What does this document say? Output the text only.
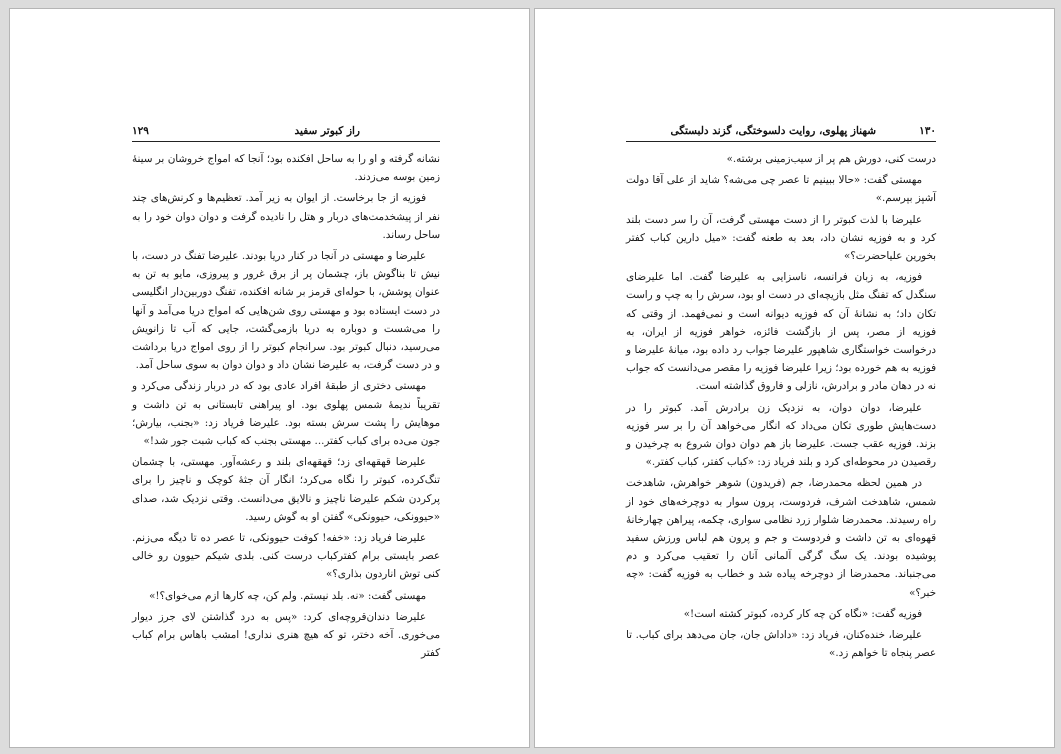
راز کبوتر سفید
۱۲۹

نشانه گرفته و او را به ساحل افکنده بود؛ آنجا که امواج خروشان بر سینهٔ زمین بوسه می‌زدند.

فوزیه از جا برخاست. از ایوان به زیر آمد. تعظیم‌ها و کرنش‌های چند نفر از پیشخدمت‌های دربار و هتل را نادیده گرفت و دوان دوان خود را به ساحل رساند.

علیرضا و مهستی در آنجا در کنار دریا بودند. علیرضا تفنگ در دست، با نیش تا بناگوش باز، چشمان پر از برق غرور و پیروزی، مایو به تن به عنوان پوشش، با حوله‌ای قرمز بر شانه افکنده، تفنگ دوربین‌دار انگلیسی در دست ایستاده بود و مهستی روی شن‌هایی که امواج دریا می‌آمد و آنها را می‌شست و دوباره به دریا بازمی‌گشت، جایی که آب تا زانویش می‌رسید، دنبال کبوتر بود. سرانجام کبوتر را از روی امواج دریا برداشت و در دست گرفت، به علیرضا نشان داد و دوان دوان به سوی ساحل آمد.

مهستی دختری از طبقهٔ افراد عادی بود که در دربار زندگی می‌کرد و تقریباً ندیمهٔ شمس پهلوی بود. او پیراهنی تابستانی به تن داشت و موهایش را پشت سرش بسته بود. علیرضا فریاد زد: «بجنب، بیارش؛ جون می‌ده برای کباب کفتر... مهستی بجنب که کباب شبت جور شد!»

علیرضا قهقهه‌ای زد؛ قهقهه‌ای بلند و رعشه‌آور. مهستی، با چشمان تنگ‌کرده، کبوتر را نگاه می‌کرد؛ انگار آن جثهٔ کوچک و ناچیز را برای پرکردن شکم علیرضا ناچیز و نالایق می‌دانست. وقتی نزدیک شد، صدای «حیوونکی، حیوونکی» گفتن او به گوش رسید.

علیرضا فریاد زد: «خفه! کوفت حیوونکی، تا عصر ده تا دیگه می‌زنم. عصر بایستی برام کفترکباب درست کنی. بلدی شیکم حیوون رو خالی کنی توش اناردون بذاری؟»

مهستی گفت: «نه. بلد نیستم. ولم کن، چه کارها ازم می‌خوای؟!»

علیرضا دندان‌قروچه‌ای کرد: «پس به درد گذاشتن لای جرز دیوار می‌خوری. آخه دختر، تو که هیچ هنری نداری! امشب باهاس برام کباب کفتر

۱۳۰
شهناز پهلوی، روایت دلسوختگی، گزند دلبستگی

درست کنی، دورش هم پر از سیب‌زمینی برشته.»

مهستی گفت: «حالا ببینیم تا عصر چی می‌شه؟ شاید از علی آقا دولت آشپز بپرسم.»

علیرضا با لذت کبوتر را از دست مهستی گرفت، آن را سر دست بلند کرد و به فوزیه نشان داد، بعد به طعنه گفت: «میل دارین کباب کفتر بخورین علیاحضرت؟»

فوزیه، به زبان فرانسه، ناسزایی به علیرضا گفت. اما علیرضای سنگدل که تفنگ مثل بازیچه‌ای در دست او بود، سرش را به چپ و راست تکان داد؛ به نشانهٔ آن که فوزیه دیوانه است و نمی‌فهمد. از وقتی که فوزیه از مصر، پس از بازگشت فائزه، خواهر فوزیه از ایران، به درخواست خواستگاری شاهپور علیرضا جواب رد داده بود، میانهٔ علیرضا و فوزیه به هم خورده بود؛ زیرا علیرضا فوزیه را مقصر می‌دانست که جواب نه در دهان مادر و برادرش، نازلی و فاروق گذاشته است.

علیرضا، دوان دوان، به نزدیک زن برادرش آمد. کبوتر را در دست‌هایش طوری تکان می‌داد که انگار می‌خواهد آن را بر سر فوزیه بزند. فوزیه عقب جست. علیرضا باز هم دوان دوان شروع به چرخیدن و رقصیدن در محوطه‌ای کرد و بلند فریاد زد: «کباب کفتر، کباب کفتر.»

در همین لحظه محمدرضا، جم (فریدون) شوهر خواهرش، شاهدخت شمس، شاهدخت اشرف، فردوست، پرون سوار به دوچرخه‌های خود از راه رسیدند. محمدرضا شلوار زرد نظامی سواری، چکمه، پیراهن چهارخانهٔ قهوه‌ای به تن داشت و فردوست و جم و پرون هم لباس ورزش سفید پوشیده بودند. یک سگ گرگی آلمانی آنان را تعقیب می‌کرد و دم می‌جنباند. محمدرضا از دوچرخه پیاده شد و خطاب به فوزیه گفت: «چه خبر؟»

فوزیه گفت: «نگاه کن چه کار کرده، کبوتر کشته است!»

علیرضا، خنده‌کنان، فریاد زد: «داداش جان، جان می‌دهد برای کباب. تا عصر پنجاه تا خواهم زد.»
